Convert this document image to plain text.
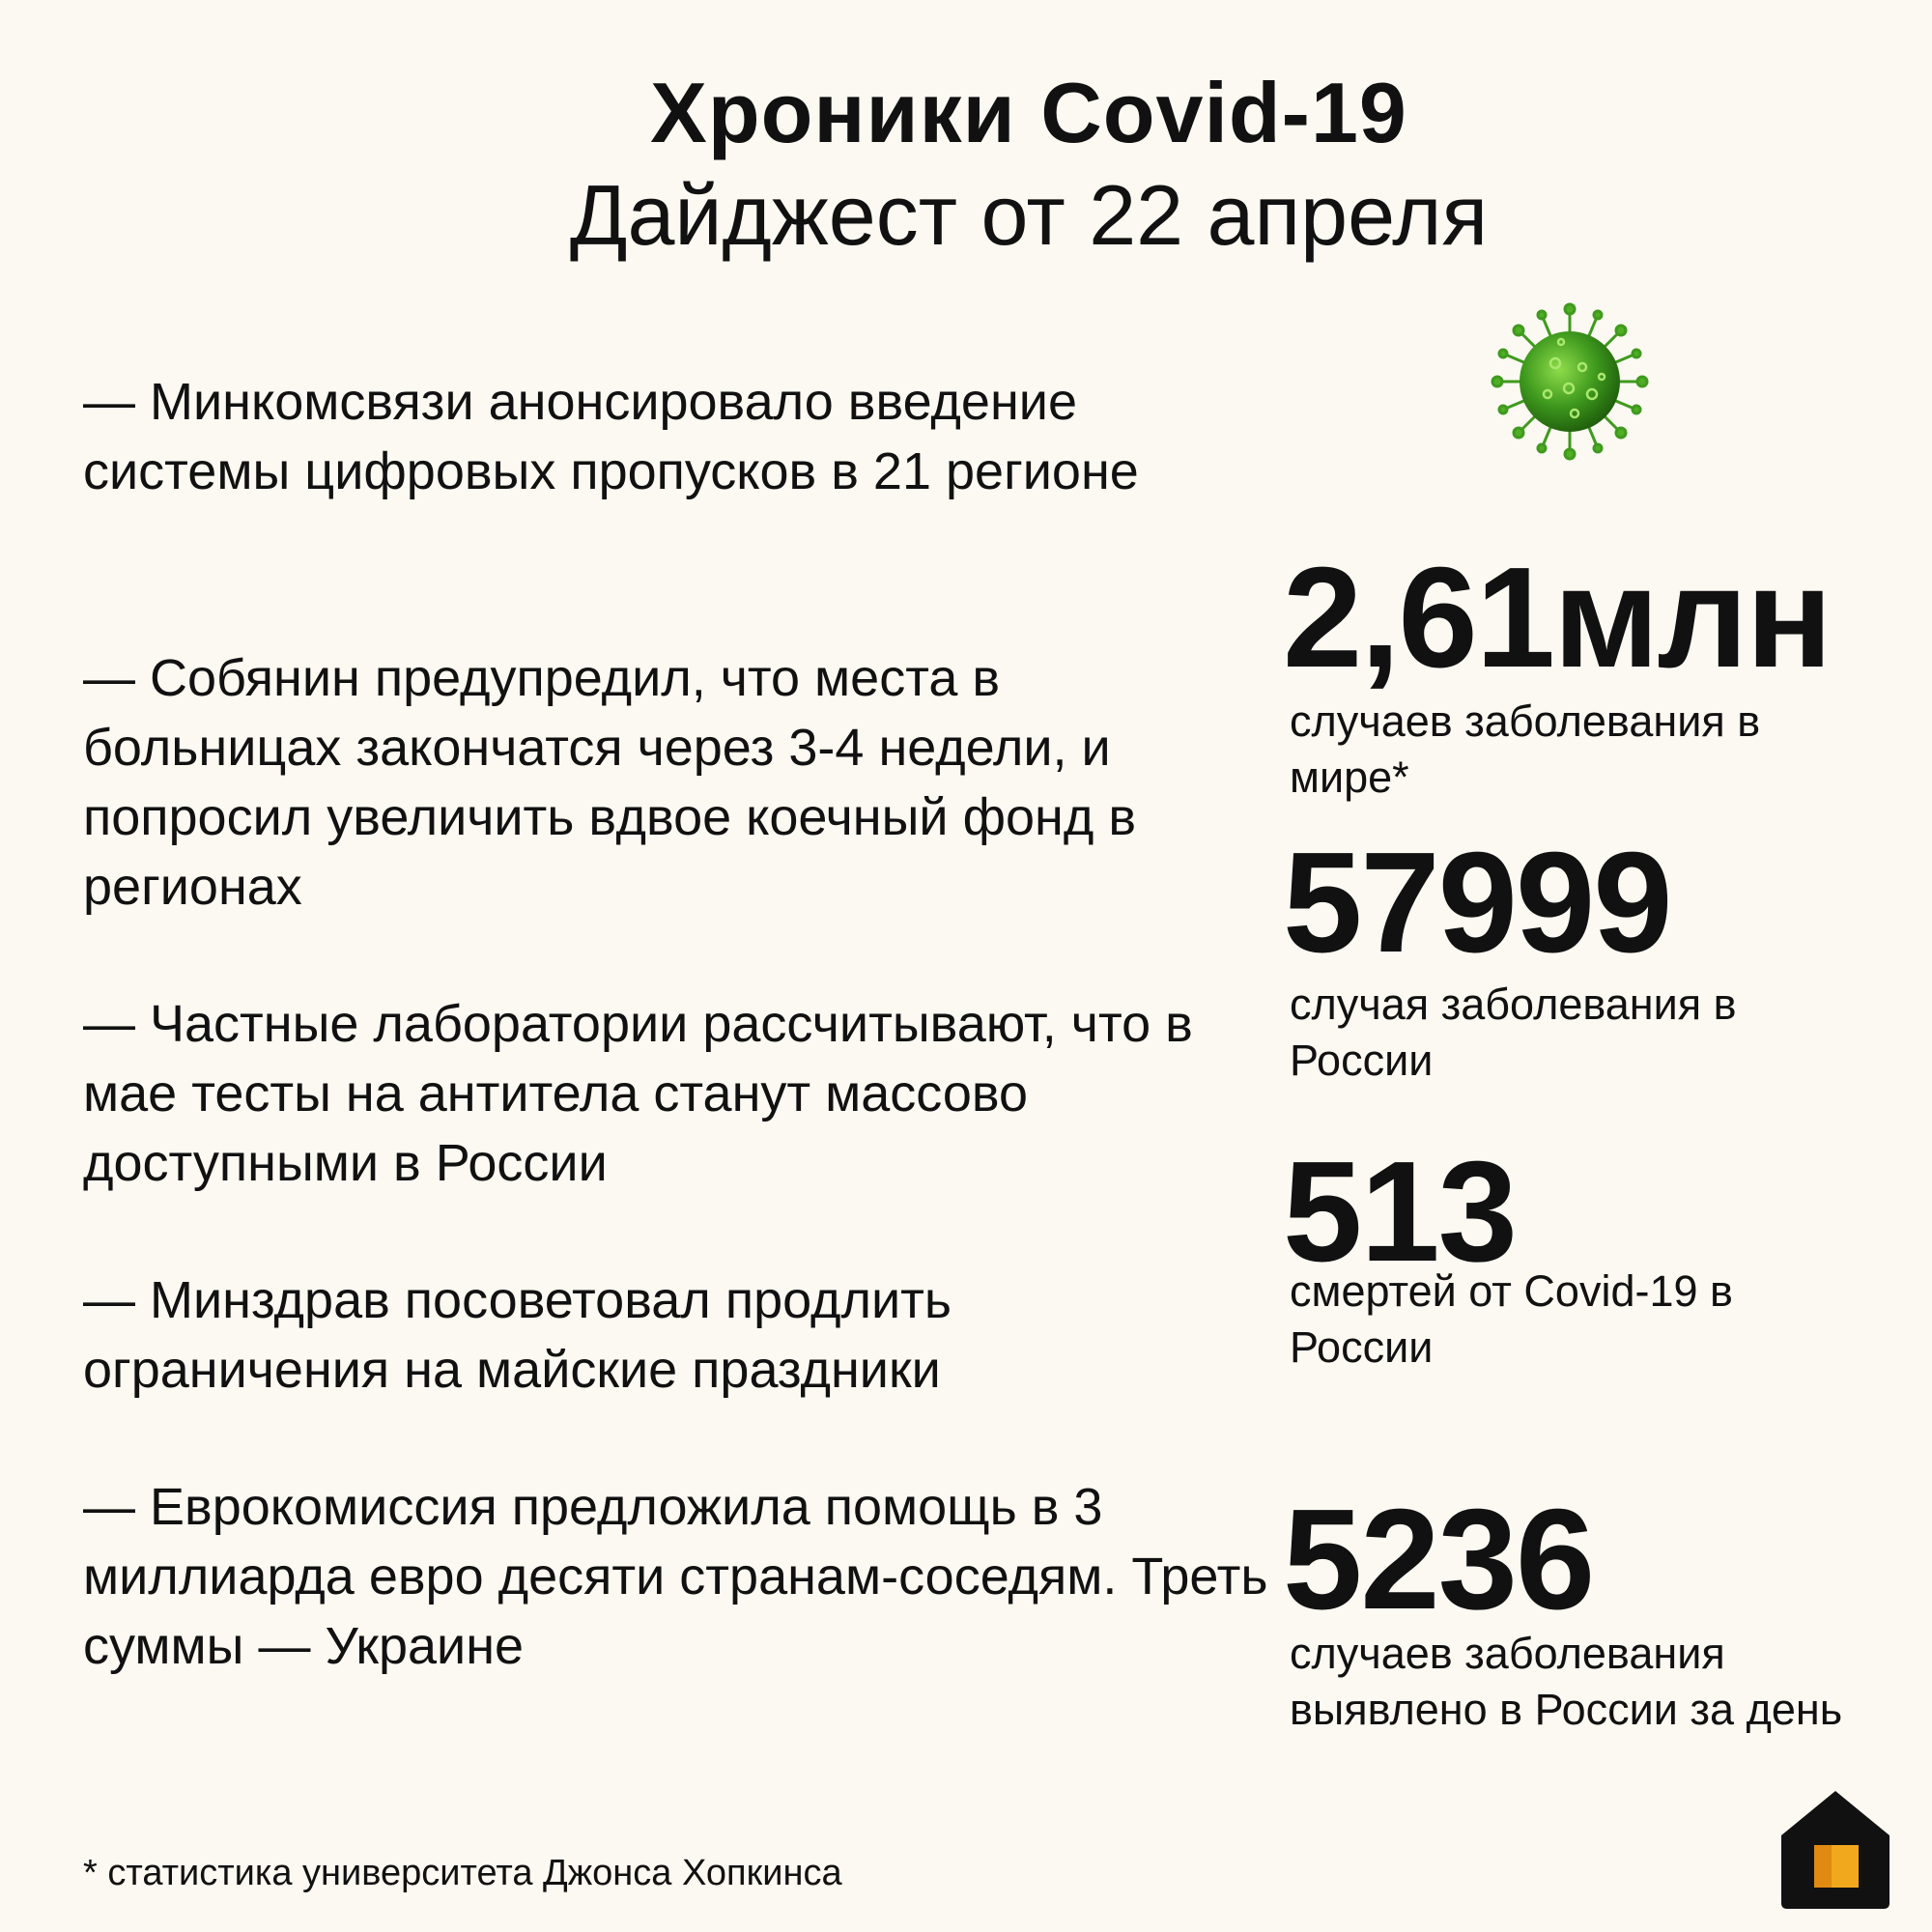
Хроники Covid-19
Дайджест от 22 апреля

— Минкомсвязи анонсировало введение системы цифровых пропусков в 21 регионе

— Собянин предупредил, что места в больницах закончатся через 3-4 недели, и попросил увеличить вдвое коечный фонд в регионах

— Частные лаборатории рассчитывают, что в мае тесты на антитела станут массово доступными в России

— Минздрав посоветовал продлить ограничения на майские праздники

— Еврокомиссия предложила помощь в 3 миллиарда евро десяти странам-соседям. Треть суммы — Украине

2,61млн
случаев заболевания в мире*
57999
случая заболевания в России
513
смертей от Covid-19 в России
5236
случаев заболевания выявлено в России за день
* статистика университета Джонса Хопкинса
